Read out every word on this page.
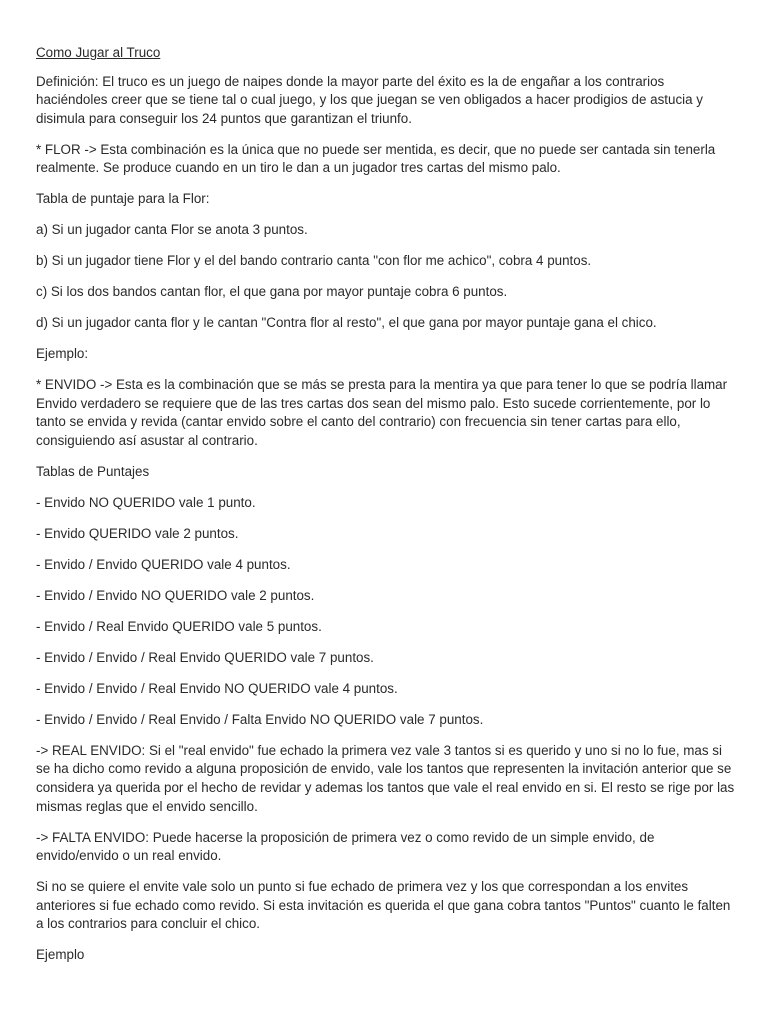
Como Jugar al Truco
Definición: El truco es un juego de naipes donde la mayor parte del éxito es la de engañar a los contrarios haciéndoles creer que se tiene tal o cual juego, y los que juegan se ven obligados a hacer prodigios de astucia y disimula para conseguir los 24 puntos que garantizan el triunfo.
* FLOR -> Esta combinación es la única que no puede ser mentida, es decir, que no puede ser cantada sin tenerla realmente. Se produce cuando en un tiro le dan a un jugador tres cartas del mismo palo.
Tabla de puntaje para la Flor:
a) Si un jugador canta Flor se anota 3 puntos.
b) Si un jugador tiene Flor y el del bando contrario canta "con flor me achico", cobra 4 puntos.
c) Si los dos bandos cantan flor, el que gana por mayor puntaje cobra 6 puntos.
d) Si un jugador canta flor y le cantan "Contra flor al resto", el que gana por mayor puntaje gana el chico.
Ejemplo:
* ENVIDO -> Esta es la combinación que se más se presta para la mentira ya que para tener lo que se podría llamar Envido verdadero se requiere que de las tres cartas dos sean del mismo palo. Esto sucede corrientemente, por lo tanto se envida y revida (cantar envido sobre el canto del contrario) con frecuencia sin tener cartas para ello, consiguiendo así asustar al contrario.
Tablas de Puntajes
- Envido NO QUERIDO vale 1 punto.
- Envido QUERIDO vale 2 puntos.
- Envido / Envido QUERIDO vale 4 puntos.
- Envido / Envido NO QUERIDO vale 2 puntos.
- Envido / Real Envido QUERIDO vale 5 puntos.
- Envido / Envido / Real Envido QUERIDO vale 7 puntos.
- Envido / Envido / Real Envido NO QUERIDO vale 4 puntos.
- Envido / Envido / Real Envido / Falta Envido NO QUERIDO vale 7 puntos.
-> REAL ENVIDO: Si el "real envido" fue echado la primera vez vale 3 tantos si es querido y uno si no lo fue, mas si se ha dicho como revido a alguna proposición de envido, vale los tantos que representen la invitación anterior que se considera ya querida por el hecho de revidar y ademas los tantos que vale el real envido en si. El resto se rige por las mismas reglas que el envido sencillo.
-> FALTA ENVIDO: Puede hacerse la proposición de primera vez o como revido de un simple envido, de envido/envido o un real envido.
Si no se quiere el envite vale solo un punto si fue echado de primera vez y los que correspondan a los envites anteriores si fue echado como revido. Si esta invitación es querida el que gana cobra tantos "Puntos" cuanto le falten a los contrarios para concluir el chico.
Ejemplo
